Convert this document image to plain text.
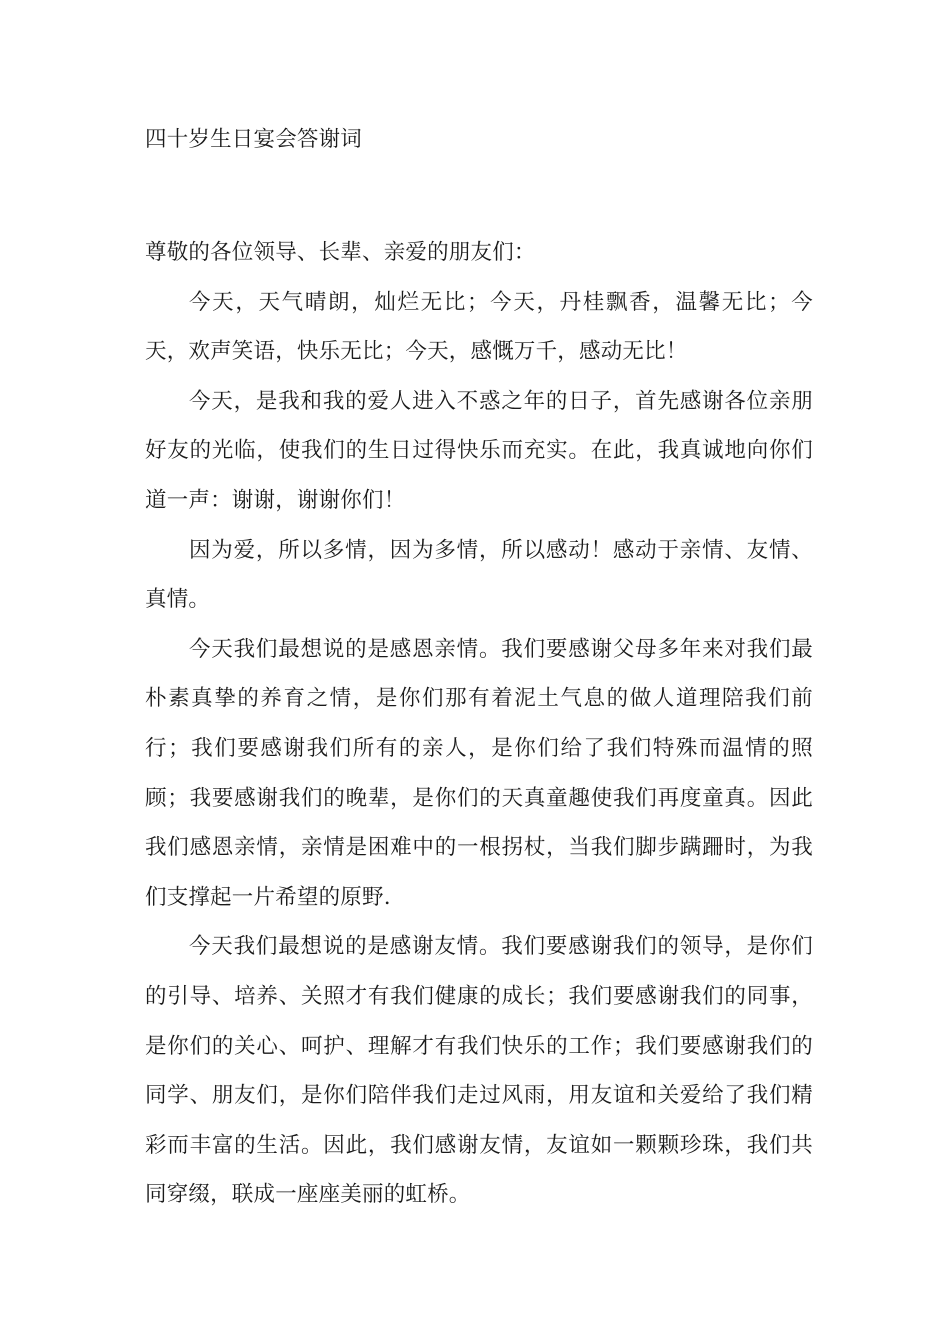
四十岁生日宴会答谢词

尊敬的各位领导、长辈、亲爱的朋友们：

今天，天气晴朗，灿烂无比；今天，丹桂飘香，温馨无比；今天，欢声笑语，快乐无比；今天，感慨万千，感动无比！

今天，是我和我的爱人进入不惑之年的日子，首先感谢各位亲朋好友的光临，使我们的生日过得快乐而充实。在此，我真诚地向你们道一声：谢谢，谢谢你们！

因为爱，所以多情，因为多情，所以感动！感动于亲情、友情、真情。

今天我们最想说的是感恩亲情。我们要感谢父母多年来对我们最朴素真挚的养育之情，是你们那有着泥土气息的做人道理陪我们前行；我们要感谢我们所有的亲人，是你们给了我们特殊而温情的照顾；我要感谢我们的晚辈，是你们的天真童趣使我们再度童真。因此我们感恩亲情，亲情是困难中的一根拐杖，当我们脚步蹒跚时，为我们支撑起一片希望的原野.

今天我们最想说的是感谢友情。我们要感谢我们的领导，是你们的引导、培养、关照才有我们健康的成长；我们要感谢我们的同事，是你们的关心、呵护、理解才有我们快乐的工作；我们要感谢我们的同学、朋友们，是你们陪伴我们走过风雨，用友谊和关爱给了我们精彩而丰富的生活。因此，我们感谢友情，友谊如一颗颗珍珠，我们共同穿缀，联成一座座美丽的虹桥。
